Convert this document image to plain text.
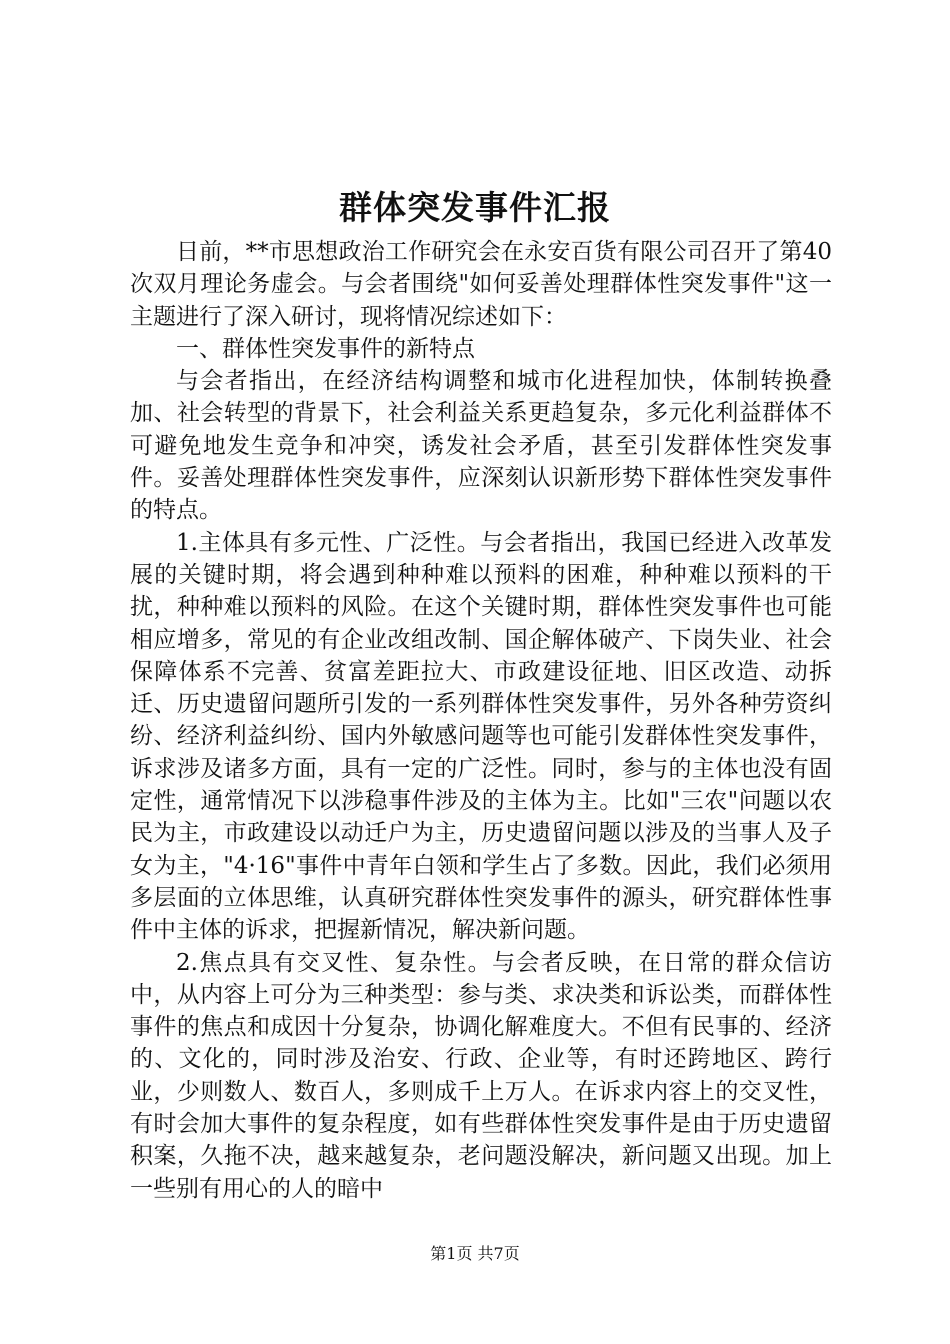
群体突发事件汇报

日前，**市思想政治工作研究会在永安百货有限公司召开了第40次双月理论务虚会。与会者围绕"如何妥善处理群体性突发事件"这一主题进行了深入研讨，现将情况综述如下：

一、群体性突发事件的新特点

与会者指出，在经济结构调整和城市化进程加快，体制转换叠加、社会转型的背景下，社会利益关系更趋复杂，多元化利益群体不可避免地发生竞争和冲突，诱发社会矛盾，甚至引发群体性突发事件。妥善处理群体性突发事件，应深刻认识新形势下群体性突发事件的特点。

1.主体具有多元性、广泛性。与会者指出，我国已经进入改革发展的关键时期，将会遇到种种难以预料的困难，种种难以预料的干扰，种种难以预料的风险。在这个关键时期，群体性突发事件也可能相应增多，常见的有企业改组改制、国企解体破产、下岗失业、社会保障体系不完善、贫富差距拉大、市政建设征地、旧区改造、动拆迁、历史遗留问题所引发的一系列群体性突发事件，另外各种劳资纠纷、经济利益纠纷、国内外敏感问题等也可能引发群体性突发事件，诉求涉及诸多方面，具有一定的广泛性。同时，参与的主体也没有固定性，通常情况下以涉稳事件涉及的主体为主。比如"三农"问题以农民为主，市政建设以动迁户为主，历史遗留问题以涉及的当事人及子女为主，"4·16"事件中青年白领和学生占了多数。因此，我们必须用多层面的立体思维，认真研究群体性突发事件的源头，研究群体性事件中主体的诉求，把握新情况，解决新问题。

2.焦点具有交叉性、复杂性。与会者反映，在日常的群众信访中，从内容上可分为三种类型：参与类、求决类和诉讼类，而群体性事件的焦点和成因十分复杂，协调化解难度大。不但有民事的、经济的、文化的，同时涉及治安、行政、企业等，有时还跨地区、跨行业，少则数人、数百人，多则成千上万人。在诉求内容上的交叉性，有时会加大事件的复杂程度，如有些群体性突发事件是由于历史遗留积案，久拖不决，越来越复杂，老问题没解决，新问题又出现。加上一些别有用心的人的暗中

第1页 共7页
